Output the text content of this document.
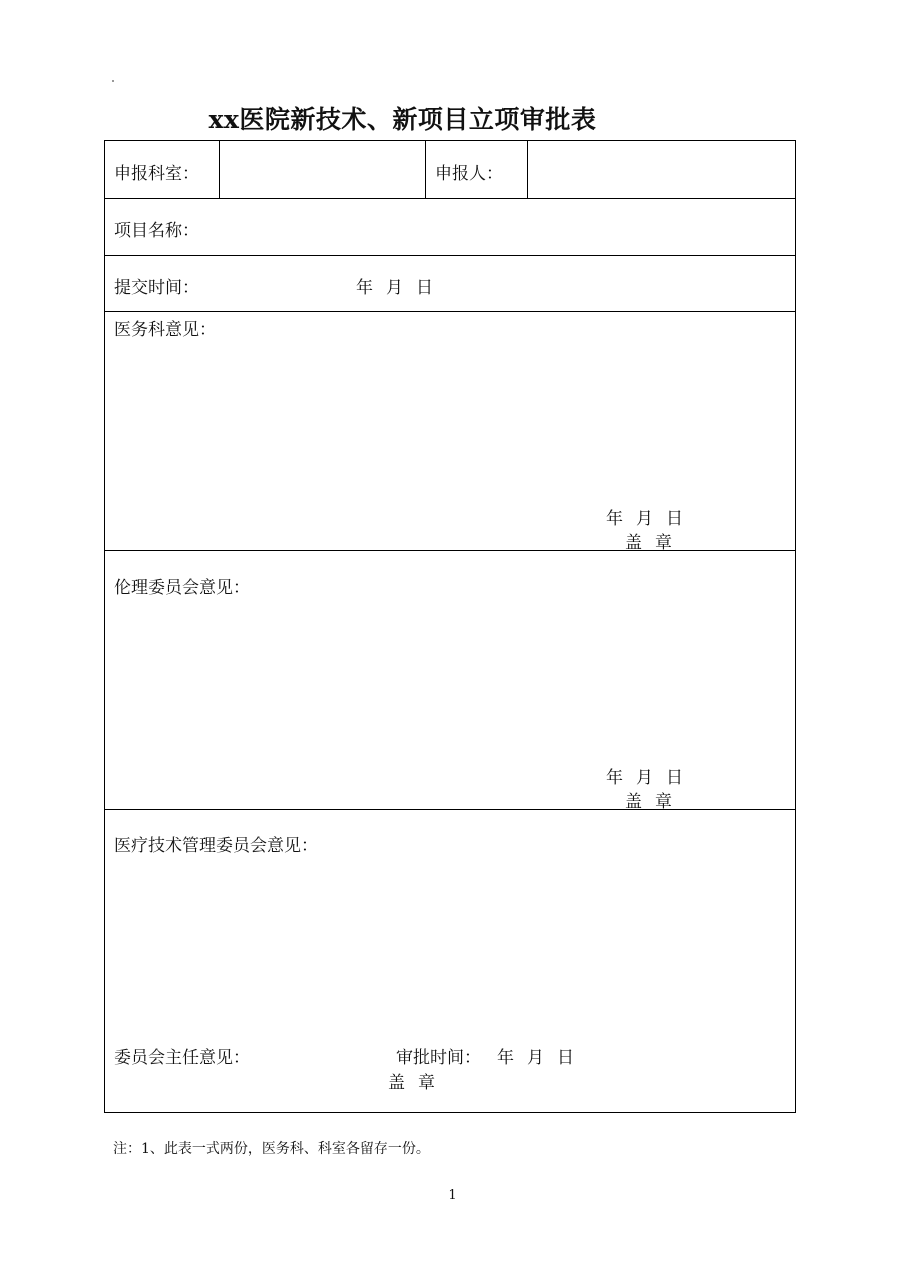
xx医院新技术、新项目立项审批表
申报科室：	申报人：
项目名称：
提交时间：	年 月 日
医务科意见：
年 月 日
盖 章
伦理委员会意见：
年 月 日
盖 章
医疗技术管理委员会意见：
委员会主任意见：	审批时间： 年 月 日
盖 章
注：1、此表一式两份，医务科、科室各留存一份。
1
